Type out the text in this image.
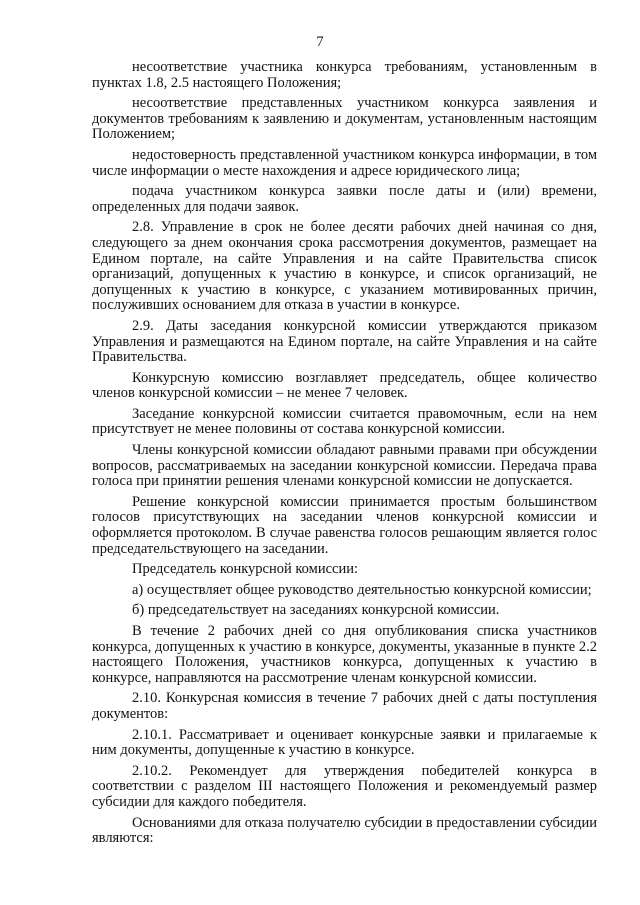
7

несоответствие участника конкурса требованиям, установленным в пунктах 1.8, 2.5 настоящего Положения;

несоответствие представленных участником конкурса заявления и документов требованиям к заявлению и документам, установленным настоящим Положением;

недостоверность представленной участником конкурса информации, в том числе информации о месте нахождения и адресе юридического лица;

подача участником конкурса заявки после даты и (или) времени, определенных для подачи заявок.

2.8. Управление в срок не более десяти рабочих дней начиная со дня, следующего за днем окончания срока рассмотрения документов, размещает на Едином портале, на сайте Управления и на сайте Правительства список организаций, допущенных к участию в конкурсе, и список организаций, не допущенных к участию в конкурсе, с указанием мотивированных причин, послуживших основанием для отказа в участии в конкурсе.

2.9. Даты заседания конкурсной комиссии утверждаются приказом Управления и размещаются на Едином портале, на сайте Управления и на сайте Правительства.

Конкурсную комиссию возглавляет председатель, общее количество членов конкурсной комиссии – не менее 7 человек.

Заседание конкурсной комиссии считается правомочным, если на нем присутствует не менее половины от состава конкурсной комиссии.

Члены конкурсной комиссии обладают равными правами при обсуждении вопросов, рассматриваемых на заседании конкурсной комиссии. Передача права голоса при принятии решения членами конкурсной комиссии не допускается.

Решение конкурсной комиссии принимается простым большинством голосов присутствующих на заседании членов конкурсной комиссии и оформляется протоколом. В случае равенства голосов решающим является голос председательствующего на заседании.

Председатель конкурсной комиссии:

а) осуществляет общее руководство деятельностью конкурсной комиссии;

б) председательствует на заседаниях конкурсной комиссии.

В течение 2 рабочих дней со дня опубликования списка участников конкурса, допущенных к участию в конкурсе, документы, указанные в пункте 2.2 настоящего Положения, участников конкурса, допущенных к участию в конкурсе, направляются на рассмотрение членам конкурсной комиссии.

2.10. Конкурсная комиссия в течение 7 рабочих дней с даты поступления документов:

2.10.1. Рассматривает и оценивает конкурсные заявки и прилагаемые к ним документы, допущенные к участию в конкурсе.

2.10.2. Рекомендует для утверждения победителей конкурса в соответствии с разделом III настоящего Положения и рекомендуемый размер субсидии для каждого победителя.

Основаниями для отказа получателю субсидии в предоставлении субсидии являются:
